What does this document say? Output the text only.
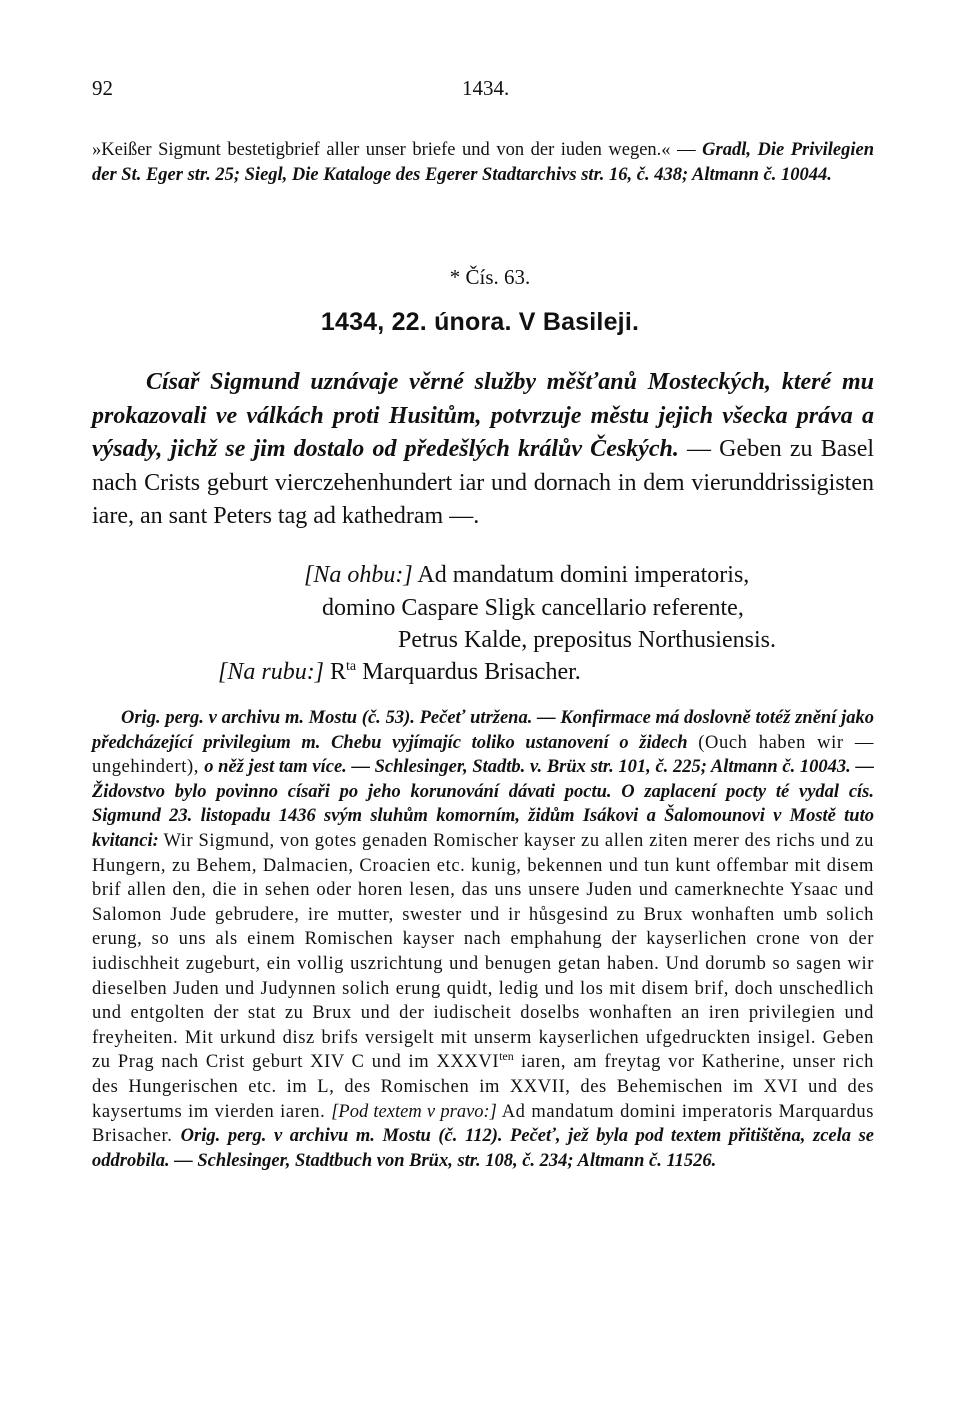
92	1434.
»Keißer Sigmunt bestetigbrief aller unser briefe und von der iuden wegen.« — Gradl, Die Privilegien der St. Eger str. 25; Siegl, Die Kataloge des Egerer Stadtarchivs str. 16, č. 438; Altmann č. 10044.
* Čís. 63.
1434, 22. února. V Basileji.
Císař Sigmund uznávaje věrné služby měšťanů Mosteckých, které mu prokazovali ve válkách proti Husitům, potvrzuje městu jejich všecka práva a výsady, jichž se jim dostalo od předešlých králův Českých. — Geben zu Basel nach Crists geburt vierczehenhundert iar und dornach in dem vierunddrissigisten iare, an sant Peters tag ad kathedram —.
[Na ohbu:] Ad mandatum domini imperatoris,
domino Caspare Sligk cancellario referente,
Petrus Kalde, prepositus Northusiensis.
[Na rubu:] $R^{ta}$ Marquardus Brisacher.
Orig. perg. v archivu m. Mostu (č. 53). Pečeť utržena. — Konfirmace má doslovně totéž znění jako předcházející privilegium m. Chebu vyjímajíc toliko ustanovení o židech (Ouch haben wir — ungehindert), o něž jest tam více. — Schlesinger, Stadtb. v. Brüx str. 101, č. 225; Altmann č. 10043. — Židovstvo bylo povinno císaři po jeho korunování dávati poctu. O zaplacení pocty té vydal cís. Sigmund 23. listopadu 1436 svým sluhům komorním, židům Isákovi a Šalomounovi v Mostě tuto kvitanci: Wir Sigmund, von gotes genaden Romischer kayser zu allen ziten merer des richs und zu Hungern, zu Behem, Dalmacien, Croacien etc. kunig, bekennen und tun kunt offembar mit disem brif allen den, die in sehen oder horen lesen, das uns unsere Juden und camerknechte Ysaac und Salomon Jude gebrudere, ire mutter, swester und ir hůsgesind zu Brux wonhaften umb solich erung, so uns als einem Romischen kayser nach emphahung der kayserlichen crone von der iudischheit zugeburt, ein vollig uszrichtung und benugen getan haben. Und dorumb so sagen wir dieselben Juden und Judynnen solich erung quidt, ledig und los mit disem brif, doch unschedlich und entgolten der stat zu Brux und der iudischeit doselbs wonhaften an iren privilegien und freyheiten. Mit urkund disz brifs versigelt mit unserm kayserlichen ufgedruckten insigel. Geben zu Prag nach Crist geburt XIV C und im $XXXVI^{ten}$ iaren, am freytag vor Katherine, unser rich des Hungerischen etc. im L, des Romischen im XXVII, des Behemischen im XVI und des kaysertums im vierden iaren. [Pod textem v pravo:] Ad mandatum domini imperatoris Marquardus Brisacher. Orig. perg. v archivu m. Mostu (č. 112). Pečeť, jež byla pod textem přitištěna, zcela se oddrobila. — Schlesinger, Stadtbuch von Brüx, str. 108, č. 234; Altmann č. 11526.
